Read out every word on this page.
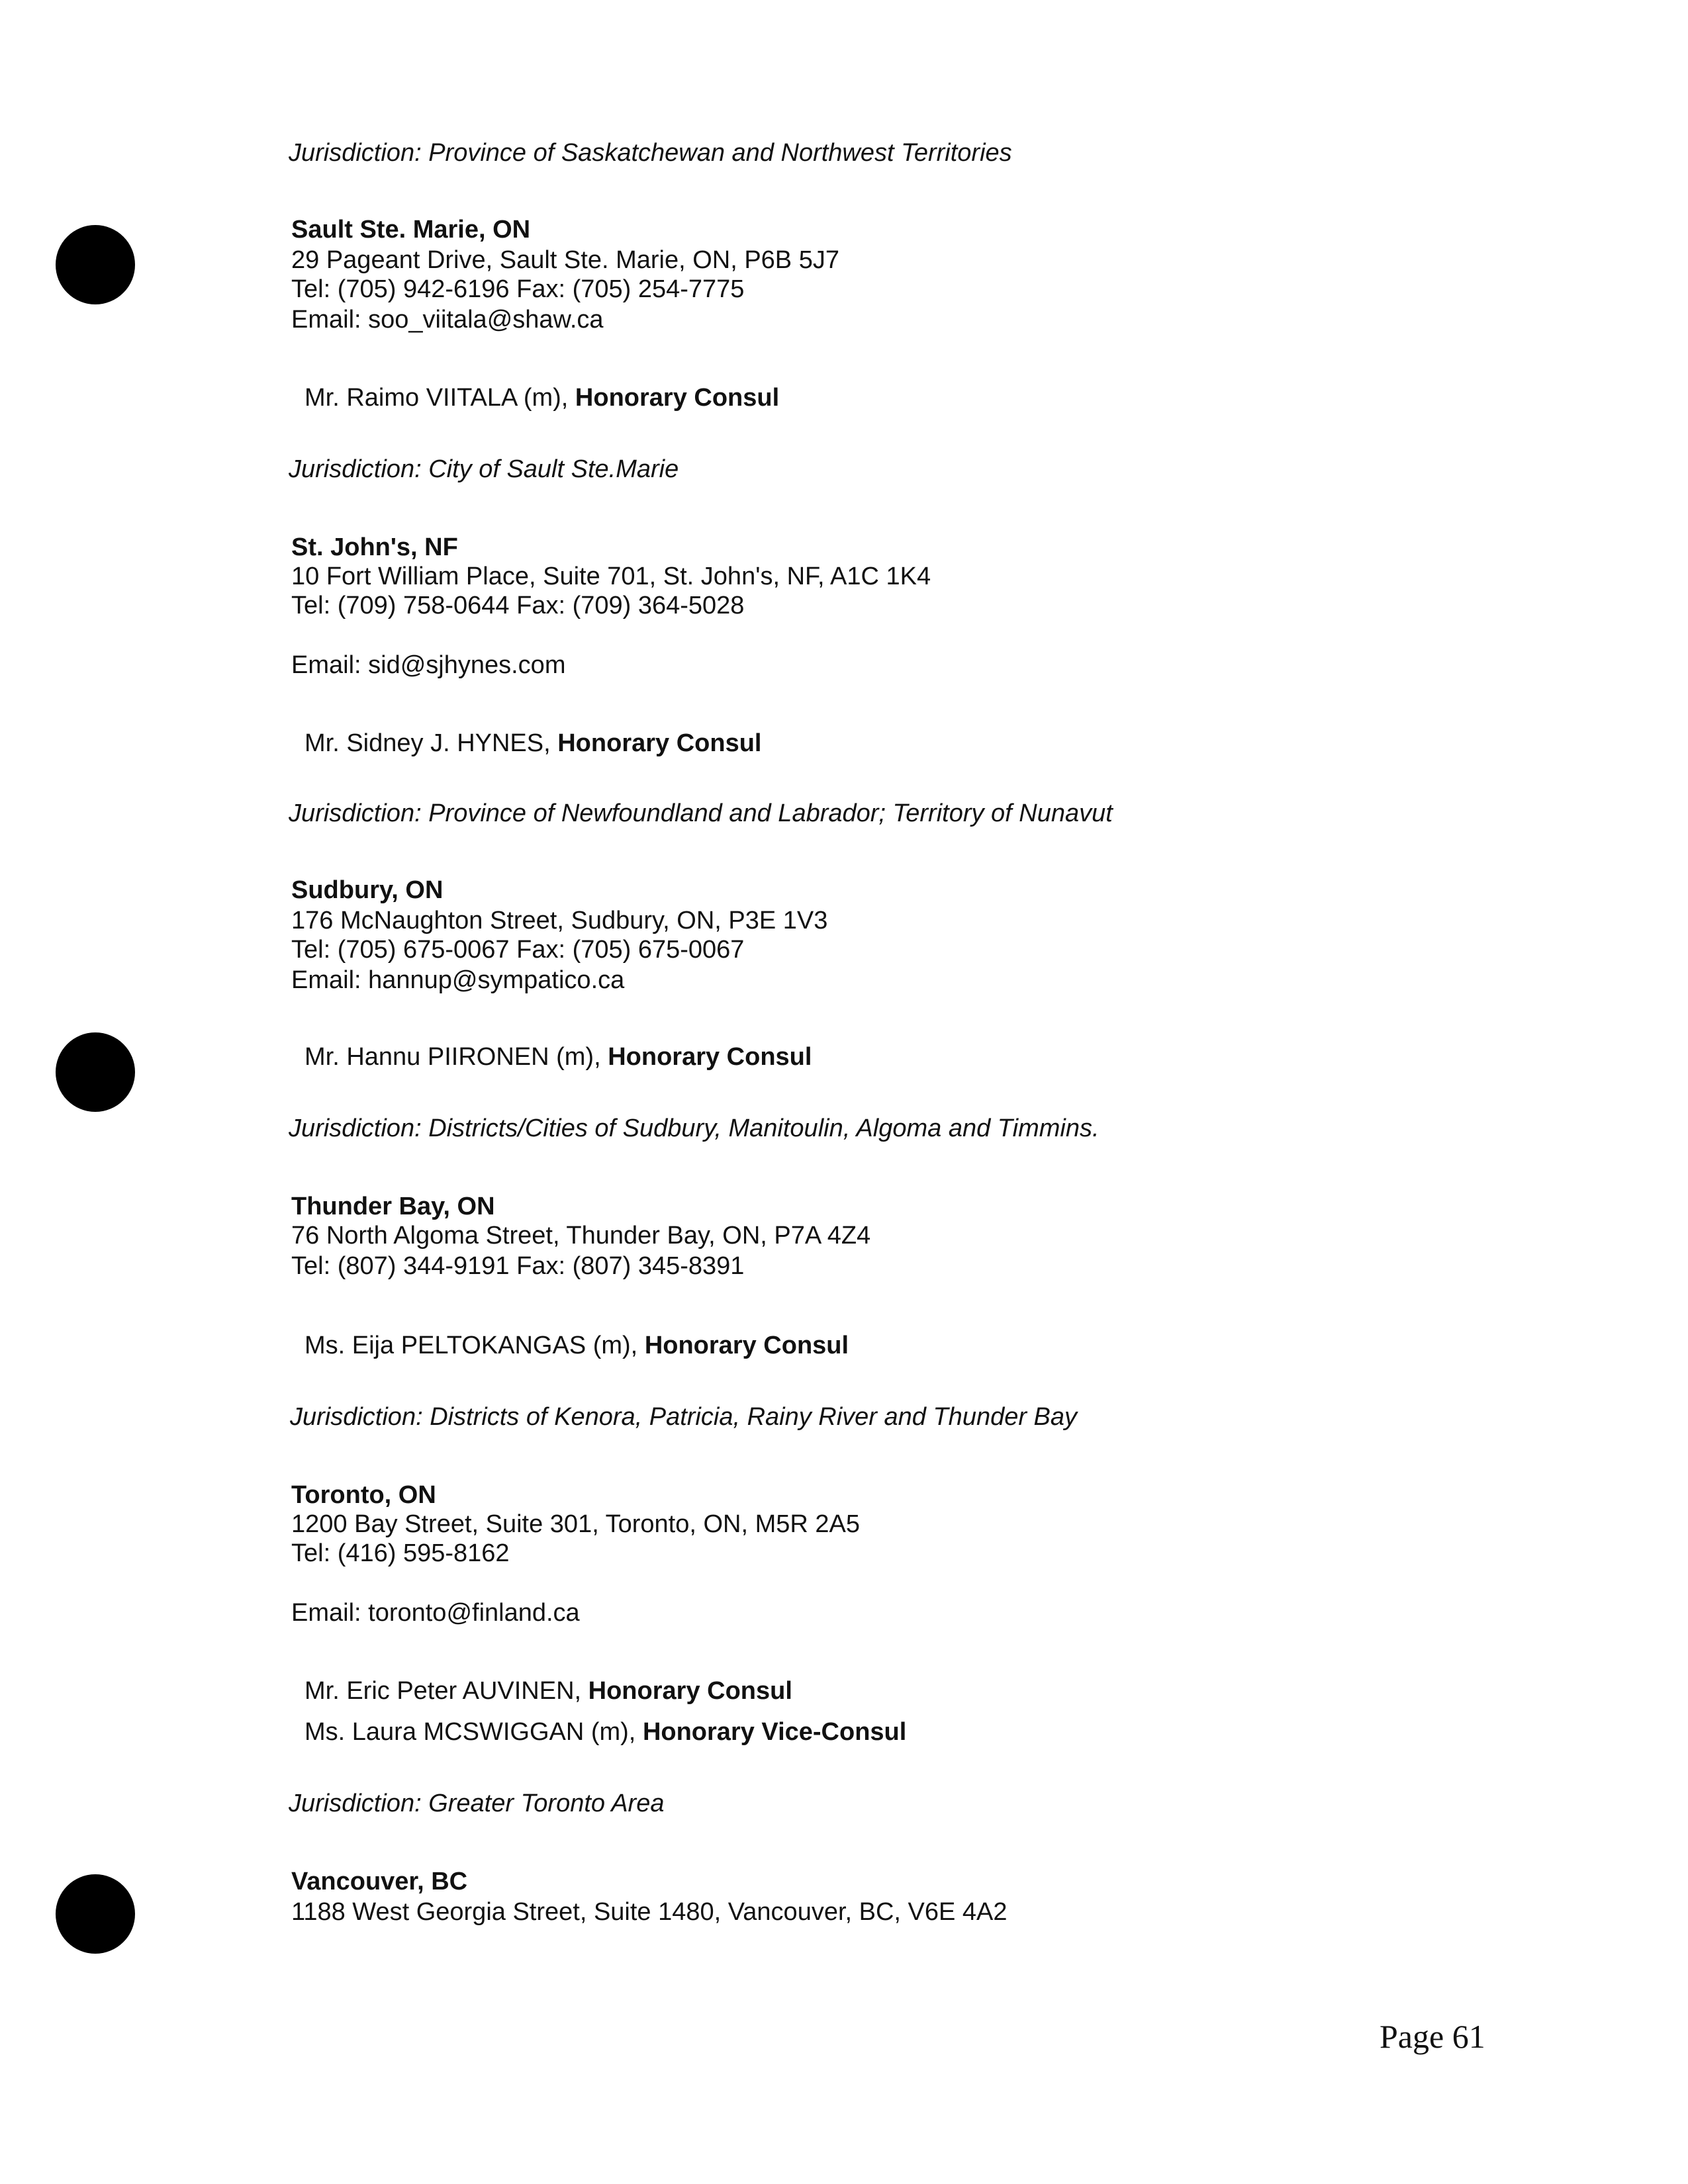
Jurisdiction: Province of Saskatchewan and Northwest Territories
Sault Ste. Marie, ON
29 Pageant Drive, Sault Ste. Marie, ON, P6B 5J7
Tel: (705) 942-6196 Fax: (705) 254-7775
Email: soo_viitala@shaw.ca
Mr. Raimo VIITALA (m), Honorary Consul
Jurisdiction: City of Sault Ste.Marie
St. John's, NF
10 Fort William Place, Suite 701, St. John's, NF, A1C 1K4
Tel: (709) 758-0644 Fax: (709) 364-5028
Email: sid@sjhynes.com
Mr. Sidney J. HYNES, Honorary Consul
Jurisdiction: Province of Newfoundland and Labrador; Territory of Nunavut
Sudbury, ON
176 McNaughton Street, Sudbury, ON, P3E 1V3
Tel: (705) 675-0067 Fax: (705) 675-0067
Email: hannup@sympatico.ca
Mr. Hannu PIIRONEN (m), Honorary Consul
Jurisdiction: Districts/Cities of Sudbury, Manitoulin, Algoma and Timmins.
Thunder Bay, ON
76 North Algoma Street, Thunder Bay, ON, P7A 4Z4
Tel: (807) 344-9191 Fax: (807) 345-8391
Ms. Eija PELTOKANGAS (m), Honorary Consul
Jurisdiction: Districts of Kenora, Patricia, Rainy River and Thunder Bay
Toronto, ON
1200 Bay Street, Suite 301, Toronto, ON, M5R 2A5
Tel: (416) 595-8162
Email: toronto@finland.ca
Mr. Eric Peter AUVINEN, Honorary Consul
Ms. Laura MCSWIGGAN (m), Honorary Vice-Consul
Jurisdiction: Greater Toronto Area
Vancouver, BC
1188 West Georgia Street, Suite 1480, Vancouver, BC, V6E 4A2
Page 61
